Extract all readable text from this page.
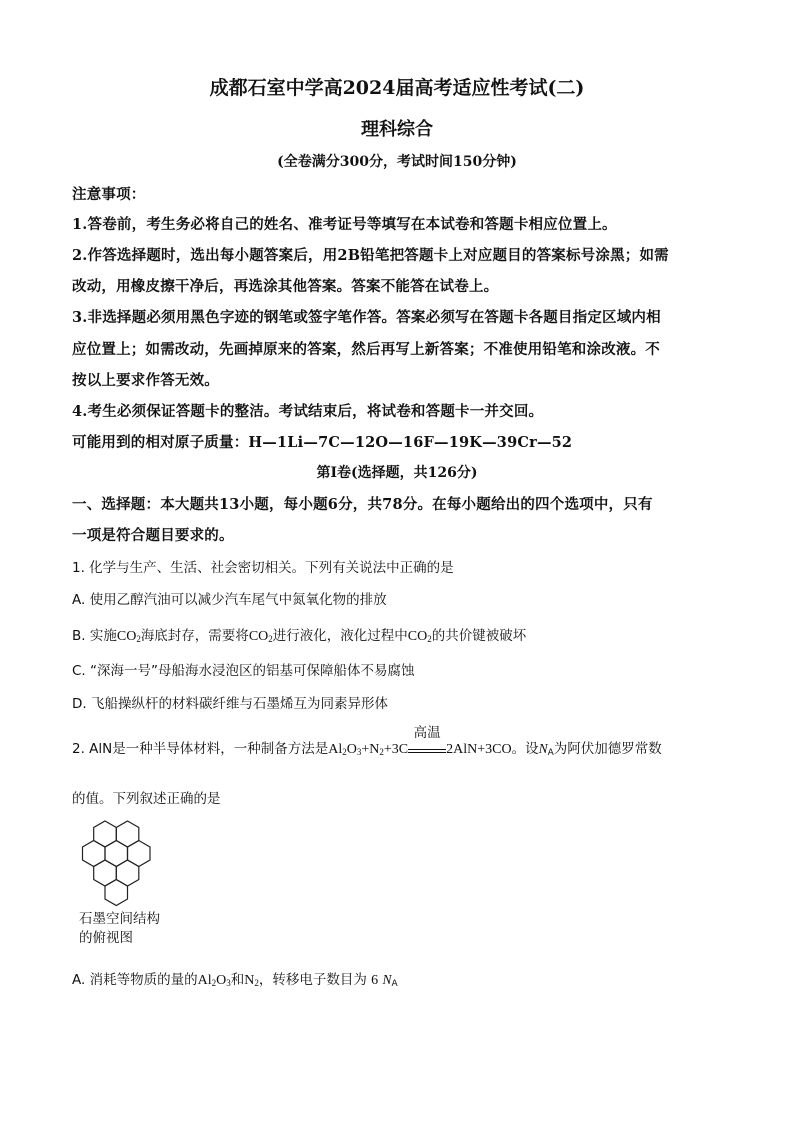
成都石室中学高2024届高考适应性考试(二)
理科综合
(全卷满分300分，考试时间150分钟)
注意事项：
1.答卷前，考生务必将自己的姓名、准考证号等填写在本试卷和答题卡相应位置上。
2.作答选择题时，选出每小题答案后，用2B铅笔把答题卡上对应题目的答案标号涂黑；如需
改动，用橡皮擦干净后，再选涂其他答案。答案不能答在试卷上。
3.非选择题必须用黑色字迹的钢笔或签字笔作答。答案必须写在答题卡各题目指定区域内相
应位置上；如需改动，先画掉原来的答案，然后再写上新答案；不准使用铅笔和涂改液。不
按以上要求作答无效。
4.考生必须保证答题卡的整洁。考试结束后，将试卷和答题卡一并交回。
可能用到的相对原子质量：H—1Li—7C—12O—16F—19K—39Cr—52
第I卷(选择题，共126分)
一、选择题：本大题共13小题，每小题6分，共78分。在每小题给出的四个选项中，只有
一项是符合题目要求的。
1. 化学与生产、生活、社会密切相关。下列有关说法中正确的是
A. 使用乙醇汽油可以减少汽车尾气中氮氧化物的排放
B. 实施$CO_2$海底封存，需要将$CO_2$进行液化，液化过程中$CO_2$的共价键被破坏
C. “深海一号”母船海水浸泡区的铝基可保障船体不易腐蚀
D. 飞船操纵杆的材料碳纤维与石墨烯互为同素异形体
2. AlN是一种半导体材料，一种制备方法是$Al_2O_3+N_2+3C$
高温
2AlN+3CO。设$N_A$为阿伏加德罗常数
的值。下列叙述正确的是
石墨空间结构的俯视图
A. 消耗等物质的量的$Al_2O_3$和$N_2$，转移电子数目为 6 $N_A$
